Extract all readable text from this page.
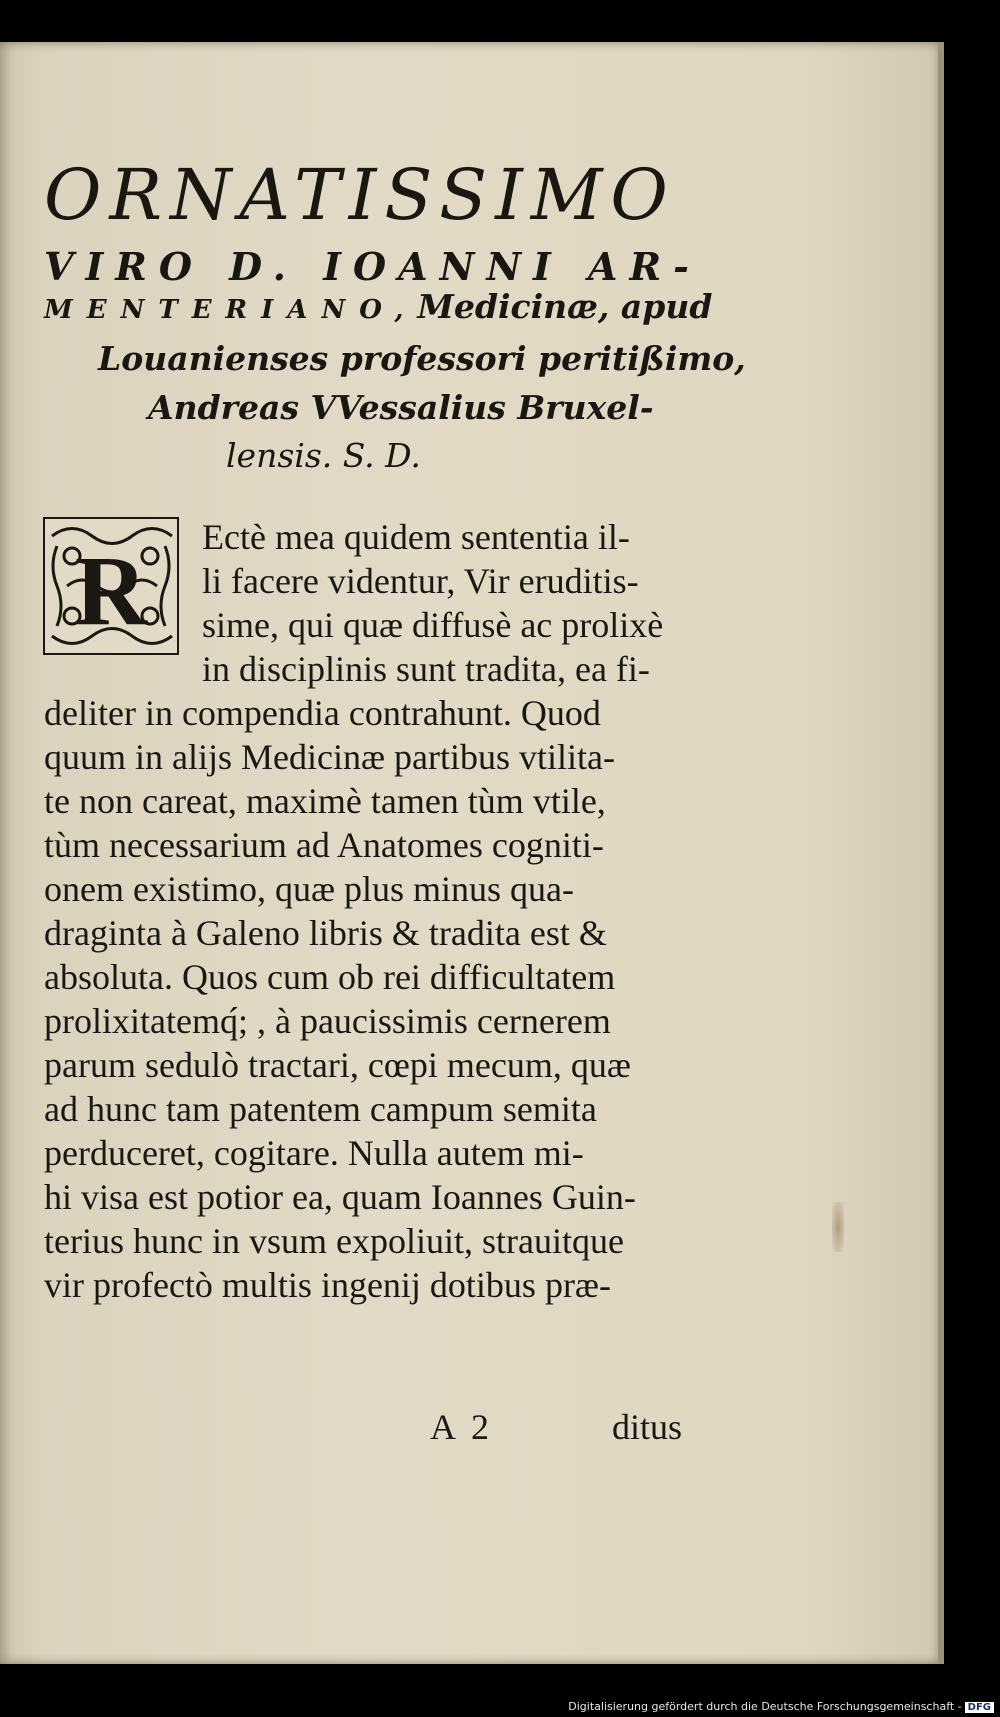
ORNATISSIMO
VIRO D. IOANNI AR-
MENTERIANO,Medicinæ, apud
Louanienses professori peritißimo,
Andreas VVessalius Bruxel-
lensis. S. D.
R Ectè mea quidem sententia il-
li facere videntur, Vir eruditis-
sime, qui quæ diffusè ac prolixè
in disciplinis sunt tradita, ea fi-
deliter in compendia contrahunt. Quod
quum in alijs Medicinæ partibus vtilita-
te non careat, maximè tamen tùm vtile,
tùm necessarium ad Anatomes cogniti-
onem existimo, quæ plus minus qua-
draginta à Galeno libris & tradita est &
absoluta. Quos cum ob rei difficultatem
prolixitatemq́; , à paucissimis cernerem
parum sedulò tractari, cœpi mecum, quæ
ad hunc tam patentem campum semita
perduceret, cogitare. Nulla autem mi-
hi visa est potior ea, quam Ioannes Guin-
terius hunc in vsum expoliuit, strauitque
vir profectò multis ingenij dotibus præ-
A 2	ditus
Digitalisierung gefördert durch die Deutsche Forschungsgemeinschaft - DFG
